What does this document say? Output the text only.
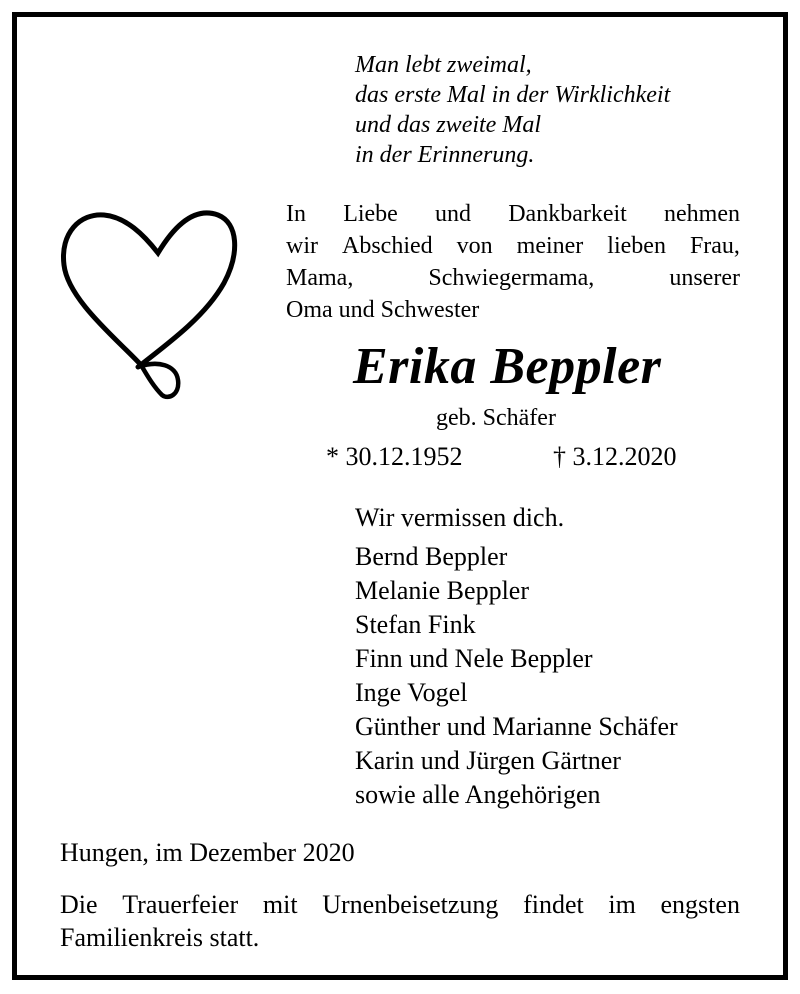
Man lebt zweimal,
das erste Mal in der Wirklichkeit
und das zweite Mal
in der Erinnerung.
In Liebe und Dankbarkeit nehmen
wir Abschied von meiner lieben Frau,
Mama,	Schwiegermama,	unserer
Oma und Schwester
Erika Beppler
geb. Schäfer
* 30.12.1952	† 3.12.2020
Wir vermissen dich.
Bernd Beppler
Melanie Beppler
Stefan Fink
Finn und Nele Beppler
Inge Vogel
Günther und Marianne Schäfer
Karin und Jürgen Gärtner
sowie alle Angehörigen
Hungen, im Dezember 2020
Die Trauerfeier mit Urnenbeisetzung findet im engsten
Familienkreis statt.
